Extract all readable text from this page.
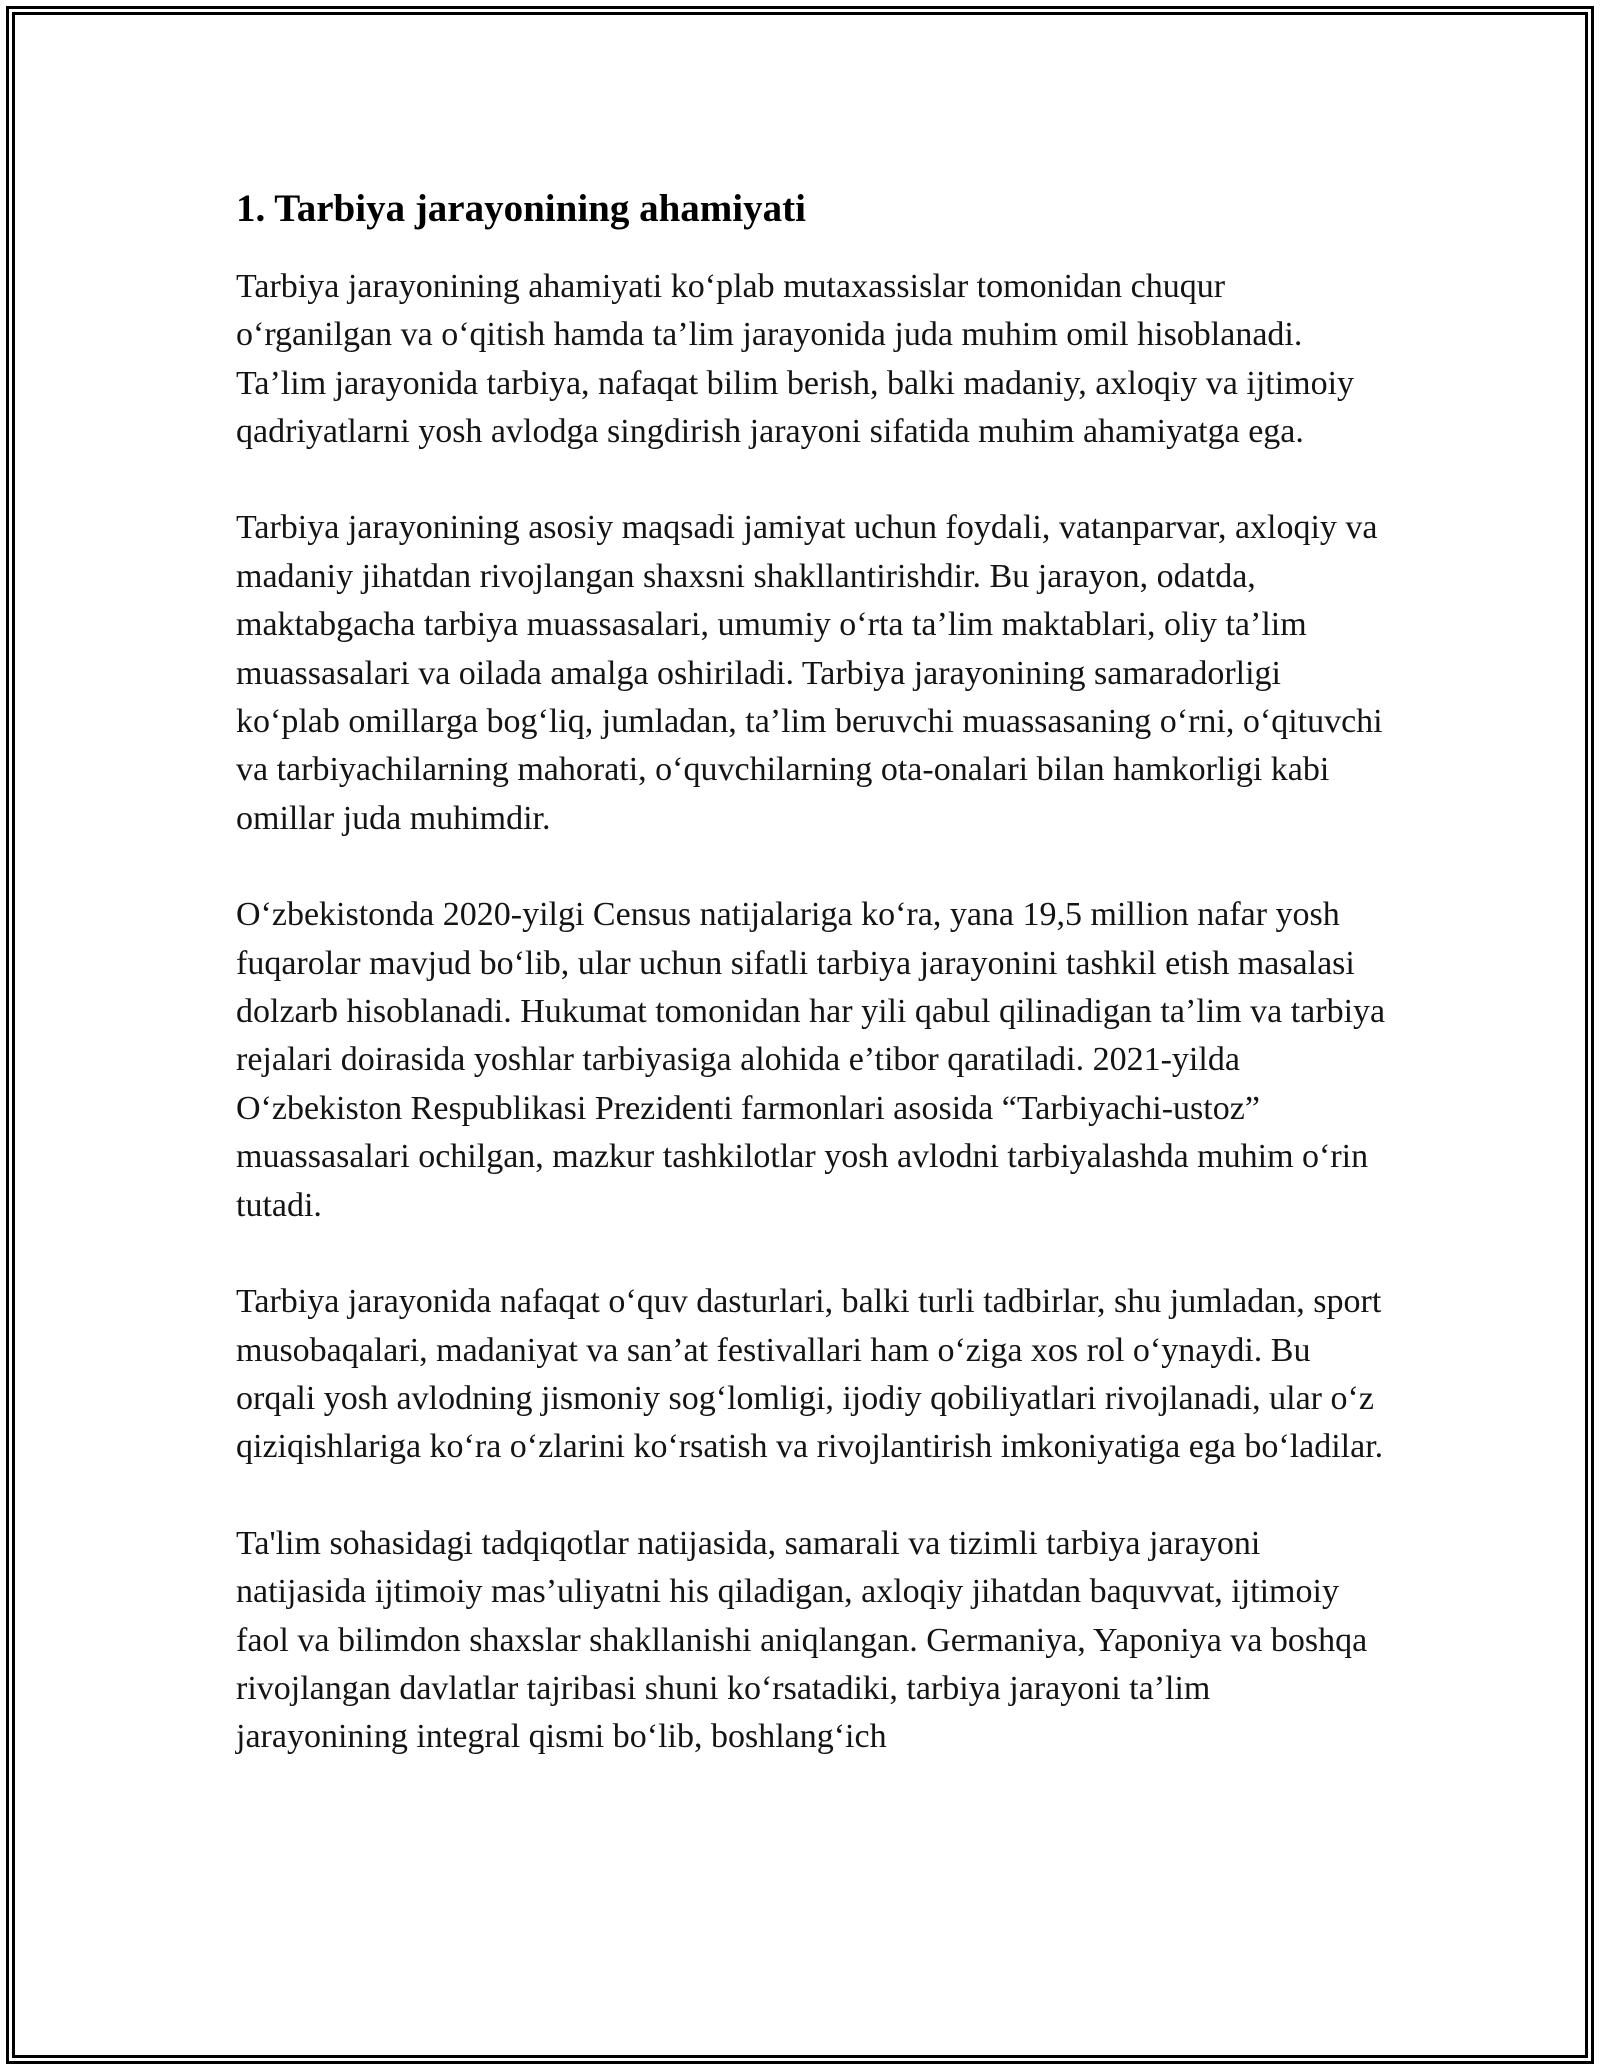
1. Tarbiya jarayonining ahamiyati

Tarbiya jarayonining ahamiyati ko‘plab mutaxassislar tomonidan chuqur o‘rganilgan va o‘qitish hamda ta’lim jarayonida juda muhim omil hisoblanadi. Ta’lim jarayonida tarbiya, nafaqat bilim berish, balki madaniy, axloqiy va ijtimoiy qadriyatlarni yosh avlodga singdirish jarayoni sifatida muhim ahamiyatga ega.

Tarbiya jarayonining asosiy maqsadi jamiyat uchun foydali, vatanparvar, axloqiy va madaniy jihatdan rivojlangan shaxsni shakllantirishdir. Bu jarayon, odatda, maktabgacha tarbiya muassasalari, umumiy o‘rta ta’lim maktablari, oliy ta’lim muassasalari va oilada amalga oshiriladi. Tarbiya jarayonining samaradorligi ko‘plab omillarga bog‘liq, jumladan, ta’lim beruvchi muassasaning o‘rni, o‘qituvchi va tarbiyachilarning mahorati, o‘quvchilarning ota-onalari bilan hamkorligi kabi omillar juda muhimdir.

O‘zbekistonda 2020-yilgi Census natijalariga ko‘ra, yana 19,5 million nafar yosh fuqarolar mavjud bo‘lib, ular uchun sifatli tarbiya jarayonini tashkil etish masalasi dolzarb hisoblanadi. Hukumat tomonidan har yili qabul qilinadigan ta’lim va tarbiya rejalari doirasida yoshlar tarbiyasiga alohida e’tibor qaratiladi. 2021-yilda O‘zbekiston Respublikasi Prezidenti farmonlari asosida “Tarbiyachi-ustoz” muassasalari ochilgan, mazkur tashkilotlar yosh avlodni tarbiyalashda muhim o‘rin tutadi.

Tarbiya jarayonida nafaqat o‘quv dasturlari, balki turli tadbirlar, shu jumladan, sport musobaqalari, madaniyat va san’at festivallari ham o‘ziga xos rol o‘ynaydi. Bu orqali yosh avlodning jismoniy sog‘lomligi, ijodiy qobiliyatlari rivojlanadi, ular o‘z qiziqishlariga ko‘ra o‘zlarini ko‘rsatish va rivojlantirish imkoniyatiga ega bo‘ladilar.

Ta'lim sohasidagi tadqiqotlar natijasida, samarali va tizimli tarbiya jarayoni natijasida ijtimoiy mas’uliyatni his qiladigan, axloqiy jihatdan baquvvat, ijtimoiy faol va bilimdon shaxslar shakllanishi aniqlangan. Germaniya, Yaponiya va boshqa rivojlangan davlatlar tajribasi shuni ko‘rsatadiki, tarbiya jarayoni ta’lim jarayonining integral qismi bo‘lib, boshlang‘ich
